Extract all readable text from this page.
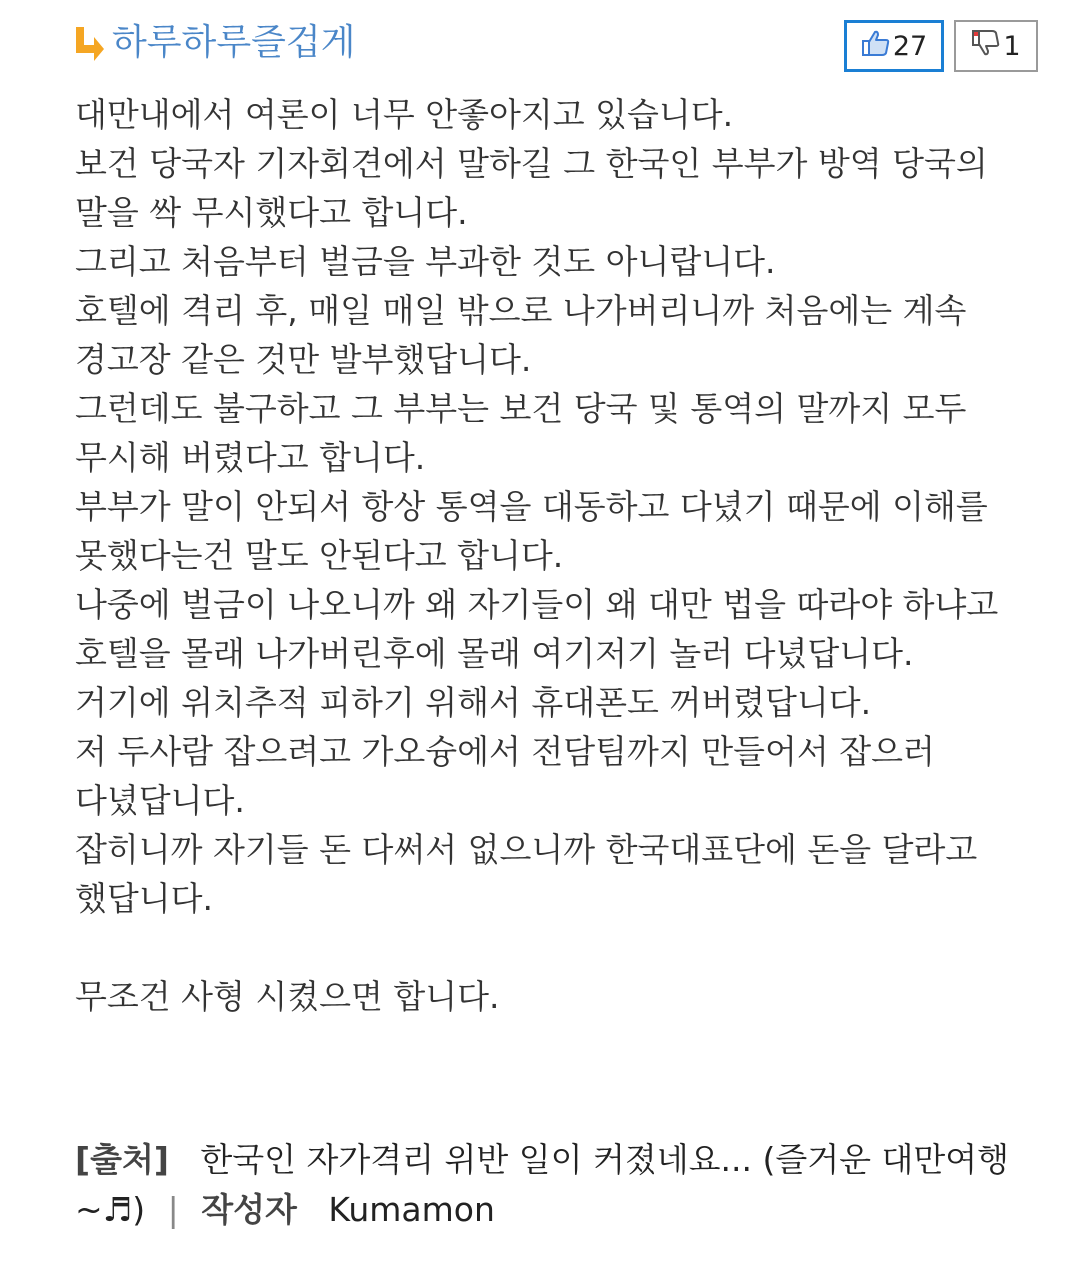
하루하루즐겁게	27	1

대만내에서 여론이 너무 안좋아지고 있습니다.

보건 당국자 기자회견에서 말하길 그 한국인 부부가 방역 당국의 말을 싹 무시했다고 합니다.

그리고 처음부터 벌금을 부과한 것도 아니랍니다.

호텔에 격리 후, 매일 매일 밖으로 나가버리니까 처음에는 계속 경고장 같은 것만 발부했답니다.

그런데도 불구하고 그 부부는 보건 당국 및 통역의 말까지 모두 무시해 버렸다고 합니다.

부부가 말이 안되서 항상 통역을 대동하고 다녔기 때문에 이해를 못했다는건 말도 안된다고 합니다.

나중에 벌금이 나오니까 왜 자기들이 왜 대만 법을 따라야 하냐고 호텔을 몰래 나가버린후에 몰래 여기저기 놀러 다녔답니다.

거기에 위치추적 피하기 위해서 휴대폰도 꺼버렸답니다.

저 두사람 잡으려고 가오슝에서 전담팀까지 만들어서 잡으러 다녔답니다.

잡히니까 자기들 돈 다써서 없으니까 한국대표단에 돈을 달라고 했답니다.

무조건 사형 시켰으면 합니다.

[출처] 한국인 자가격리 위반 일이 커졌네요... (즐거운 대만여행~♬) | 작성자 Kumamon
